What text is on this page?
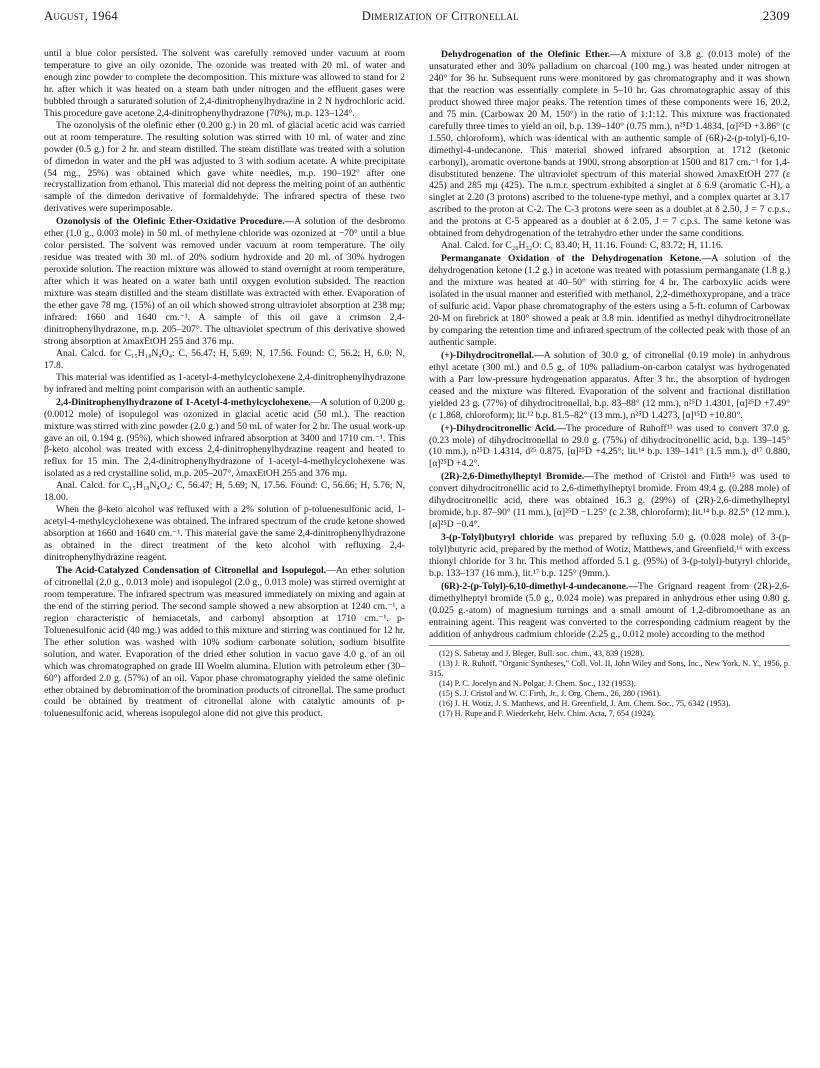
August, 1964	Dimerization of Citronellal	2309

until a blue color persisted. The solvent was carefully removed under vacuum at room temperature to give an oily ozonide. The ozonide was treated with 20 ml. of water and enough zinc powder to complete the decomposition. This mixture was allowed to stand for 2 hr. after which it was heated on a steam bath under nitrogen and the effluent gases were bubbled through a saturated solution of 2,4-dinitrophenylhydrazine in 2 N hydrochloric acid. This procedure gave acetone 2,4-dinitrophenylhydrazone (70%), m.p. 123–124°.

The ozonolysis of the olefinic ether (0.200 g.) in 20 ml. of glacial acetic acid was carried out at room temperature. The resulting solution was stirred with 10 ml. of water and zinc powder (0.5 g.) for 2 hr. and steam distilled. The steam distillate was treated with a solution of dimedon in water and the pH was adjusted to 3 with sodium acetate. A white precipitate (54 mg., 25%) was obtained which gave white needles, m.p. 190–192° after one recrystallization from ethanol. This material did not depress the melting point of an authentic sample of the dimedon derivative of formaldehyde. The infrared spectra of these two derivatives were superimposable.

Ozonolysis of the Olefinic Ether-Oxidative Procedure.—A solution of the desbromo ether (1.0 g., 0.003 mole) in 50 ml. of methylene chloride was ozonized at −70° until a blue color persisted. The solvent was removed under vacuum at room temperature. The oily residue was treated with 30 ml. of 20% sodium hydroxide and 20 ml. of 30% hydrogen peroxide solution. The reaction mixture was allowed to stand overnight at room temperature, after which it was heated on a water bath until oxygen evolution subsided. The reaction mixture was steam distilled and the steam distillate was extracted with ether. Evaporation of the ether gave 78 mg. (15%) of an oil which showed strong ultraviolet absorption at 238 mμ; infrared: 1660 and 1640 cm.⁻¹. A sample of this oil gave a crimson 2,4-dinitrophenylhydrazone, m.p. 205–207°. The ultraviolet spectrum of this derivative showed strong absorption at λmaxEtOH 255 and 376 mμ.

Anal. Calcd. for C₁₅H₁₈N₄O₄: C, 56.47; H, 5.69; N, 17.56. Found: C, 56.2; H, 6.0; N, 17.8.

This material was identified as 1-acetyl-4-methylcyclohexene 2,4-dinitrophenylhydrazone by infrared and melting point comparison with an authentic sample.

2,4-Dinitrophenylhydrazone of 1-Acetyl-4-methylcyclohexene.—A solution of 0.200 g. (0.0012 mole) of isopulegol was ozonized in glacial acetic acid (50 ml.). The reaction mixture was stirred with zinc powder (2.0 g.) and 50 ml. of water for 2 hr. The usual work-up gave an oil, 0.194 g. (95%), which showed infrared absorption at 3400 and 1710 cm.⁻¹. This β-keto alcohol was treated with excess 2,4-dinitrophenylhydrazine reagent and heated to reflux for 15 min. The 2,4-dinitrophenylhydrazone of 1-acetyl-4-methylcyclohexene was isolated as a red crystalline solid, m.p. 205–207°, λmaxEtOH 255 and 376 mμ.

Anal. Calcd. for C₁₅H₁₈N₄O₄: C, 56.47; H, 5.69; N, 17.56. Found: C, 56.66; H, 5.76; N, 18.00.

When the β-keto alcohol was refluxed with a 2% solution of p-toluenesulfonic acid, 1-acetyl-4-methylcyclohexene was obtained. The infrared spectrum of the crude ketone showed absorption at 1660 and 1640 cm.⁻¹. This material gave the same 2,4-dinitrophenylhydrazone as obtained in the direct treatment of the keto alcohol with refluxing 2,4-dinitrophenylhydrazine reagent.

The Acid-Catalyzed Condensation of Citronellal and Isopulegol.—An ether solution of citronellal (2.0 g., 0.013 mole) and isopulegol (2.0 g., 0.013 mole) was stirred overnight at room temperature. The infrared spectrum was measured immediately on mixing and again at the end of the stirring period. The second sample showed a new absorption at 1240 cm.⁻¹, a region characteristic of hemiacetals, and carbonyl absorption at 1710 cm.⁻¹. p-Toluenesulfonic acid (40 mg.) was added to this mixture and stirring was continued for 12 hr. The ether solution was washed with 10% sodium carbonate solution, sodium bisulfite solution, and water. Evaporation of the dried ether solution in vacuo gave 4.0 g. of an oil which was chromatographed on grade III Woelm alumina. Elution with petroleum ether (30–60°) afforded 2.0 g. (57%) of an oil. Vapor phase chromatography yielded the same olefinic ether obtained by debromination of the bromination products of citronellal. The same product could be obtained by treatment of citronellal alone with catalytic amounts of p-toluenesulfonic acid, whereas isopulegol alone did not give this product.

Dehydrogenation of the Olefinic Ether.—A mixture of 3.8 g. (0.013 mole) of the unsaturated ether and 30% palladium on charcoal (100 mg.) was heated under nitrogen at 240° for 36 hr. Subsequent runs were monitored by gas chromatography and it was shown that the reaction was essentially complete in 5–10 hr. Gas chromatographic assay of this product showed three major peaks. The retention times of these components were 16, 20.2, and 75 min. (Carbowax 20 M, 150°) in the ratio of 1:1:12. This mixture was fractionated carefully three times to yield an oil, b.p. 139–140° (0.75 mm.), n²⁵D 1.4834, [α]²⁵D +3.86° (c 1.550, chloroform), which was identical with an authentic sample of (6R)-2-(p-tolyl)-6,10-dimethyl-4-undecanone. This material showed infrared absorption at 1712 (ketonic carbonyl), aromatic overtone bands at 1900, strong absorption at 1500 and 817 cm.⁻¹ for 1,4-disubstituted benzene. The ultraviolet spectrum of this material showed λmaxEtOH 277 (ε 425) and 285 mμ (425). The n.m.r. spectrum exhibited a singlet at δ 6.9 (aromatic C-H), a singlet at 2.20 (3 protons) ascribed to the toluene-type methyl, and a complex quartet at 3.17 ascribed to the proton at C-2. The C-3 protons were seen as a doublet at δ 2.50, J = 7 c.p.s., and the protons at C-5 appeared as a doublet at δ 2.05, J = 7 c.p.s. The same ketone was obtained from dehydrogenation of the tetrahydro ether under the same conditions.

Anal. Calcd. for C₂₀H₃₂O: C, 83.40; H, 11.16. Found: C, 83.72; H, 11.16.

Permanganate Oxidation of the Dehydrogenation Ketone.—A solution of the dehydrogenation ketone (1.2 g.) in acetone was treated with potassium permanganate (1.8 g.) and the mixture was heated at 40–50° with stirring for 4 hr. The carboxylic acids were isolated in the usual manner and esterified with methanol, 2,2-dimethoxypropane, and a trace of sulfuric acid. Vapor phase chromatography of the esters using a 5-ft. column of Carbowax 20-M on firebrick at 180° showed a peak at 3.8 min. identified as methyl dihydrocitronellate by comparing the retention time and infrared spectrum of the collected peak with those of an authentic sample.

(+)-Dihydrocitronellal.—A solution of 30.0 g. of citronellal (0.19 mole) in anhydrous ethyl acetate (300 ml.) and 0.5 g. of 10% palladium-on-carbon catalyst was hydrogenated with a Parr low-pressure hydrogenation apparatus. After 3 hr., the absorption of hydrogen ceased and the mixture was filtered. Evaporation of the solvent and fractional distillation yielded 23 g. (77%) of dihydrocitronellal, b.p. 83–88° (12 mm.), n²⁵D 1.4301, [α]²⁵D +7.49° (c 1.868, chloroform); lit.¹² b.p. 81.5–82° (13 mm.), n²⁵D 1.4273, [α]¹⁵D +10.80°.

(+)-Dihydrocitronellic Acid.—The procedure of Ruhoff¹³ was used to convert 37.0 g. (0.23 mole) of dihydrocitronellal to 29.0 g. (75%) of dihydrocitronellic acid, b.p. 139–145° (10 mm.), n²⁵D 1.4314, d²⁵ 0.875, [α]²⁵D +4.25°; lit.¹⁴ b.p. 139–141° (1.5 mm.), d¹⁷ 0.880, [α]²⁵D +4.2°.

(2R)-2,6-Dimethylheptyl Bromide.—The method of Cristol and Firth¹⁵ was used to convert dihydrocitronellic acid to 2,6-dimethylheptyl bromide. From 49.4 g. (0.288 mole) of dihydrocitronellic acid, there was obtained 16.3 g. (29%) of (2R)-2,6-dimethylheptyl bromide, b.p. 87–90° (11 mm.), [α]²⁵D −1.25° (c 2.38, chloroform); lit.¹⁴ b.p. 82.5° (12 mm.), [α]²⁵D −0.4°.

3-(p-Tolyl)butyryl chloride was prepared by refluxing 5.0 g. (0.028 mole) of 3-(p-tolyl)butyric acid, prepared by the method of Wotiz, Matthews, and Greenfield,¹⁶ with excess thionyl chloride for 3 hr. This method afforded 5.1 g. (95%) of 3-(p-tolyl)-butyryl chloride, b.p. 133–137 (16 mm.), lit.¹⁷ b.p. 125° (9mm.).

(6R)-2-(p-Tolyl)-6,10-dimethyl-4-undecanone.—The Grignard reagent from (2R)-2,6-dimethylheptyl bromide (5.0 g., 0.024 mole) was prepared in anhydrous ether using 0.80 g. (0.025 g.-atom) of magnesium turnings and a small amount of 1,2-dibromoethane as an entraining agent. This reagent was converted to the corresponding cadmium reagent by the addition of anhydrous cadmium chloride (2.25 g., 0.012 mole) according to the method

(12) S. Sabetay and J. Bleger, Bull. soc. chim., 43, 839 (1928).

(13) J. R. Ruhoff, "Organic Syntheses," Coll. Vol. II, John Wiley and Sons, Inc., New York, N. Y., 1956, p. 315.

(14) P. C. Jocelyn and N. Polgar, J. Chem. Soc., 132 (1953).

(15) S. J. Cristol and W. C. Firth, Jr., J. Org. Chem., 26, 280 (1961).

(16) J. H. Wotiz, J. S. Matthews, and H. Greenfield, J. Am. Chem. Soc., 75, 6342 (1953).

(17) H. Rupe and F. Wiederkehr, Helv. Chim. Acta, 7, 654 (1924).
